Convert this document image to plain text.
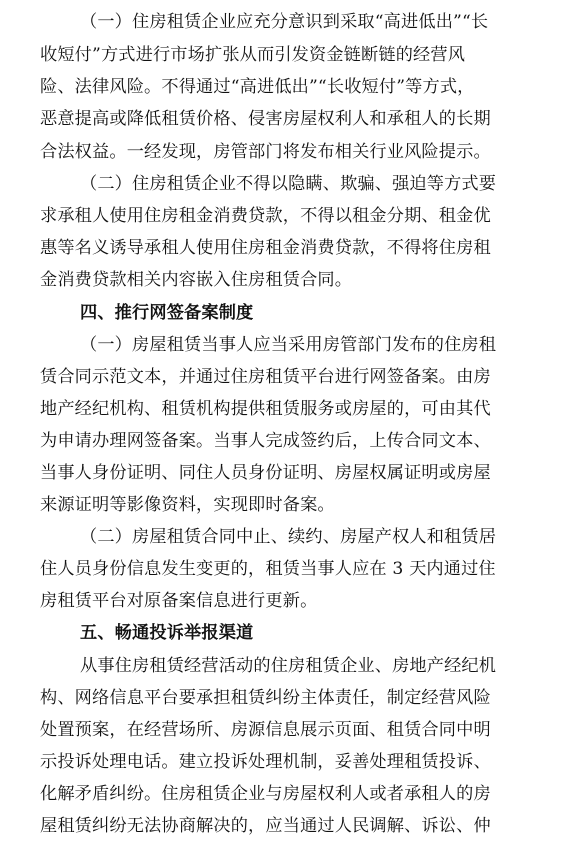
（一）住房租赁企业应充分意识到采取“高进低出”“长
收短付”方式进行市场扩张从而引发资金链断链的经营风
险、法律风险。不得通过“高进低出”“长收短付”等方式，
恶意提高或降低租赁价格、侵害房屋权利人和承租人的长期
合法权益。一经发现，房管部门将发布相关行业风险提示。
（二）住房租赁企业不得以隐瞒、欺骗、强迫等方式要
求承租人使用住房租金消费贷款，不得以租金分期、租金优
惠等名义诱导承租人使用住房租金消费贷款，不得将住房租
金消费贷款相关内容嵌入住房租赁合同。
四、推行网签备案制度
（一）房屋租赁当事人应当采用房管部门发布的住房租
赁合同示范文本，并通过住房租赁平台进行网签备案。由房
地产经纪机构、租赁机构提供租赁服务或房屋的，可由其代
为申请办理网签备案。当事人完成签约后，上传合同文本、
当事人身份证明、同住人员身份证明、房屋权属证明或房屋
来源证明等影像资料，实现即时备案。
（二）房屋租赁合同中止、续约、房屋产权人和租赁居
住人员身份信息发生变更的，租赁当事人应在 3 天内通过住
房租赁平台对原备案信息进行更新。
五、畅通投诉举报渠道
从事住房租赁经营活动的住房租赁企业、房地产经纪机
构、网络信息平台要承担租赁纠纷主体责任，制定经营风险
处置预案，在经营场所、房源信息展示页面、租赁合同中明
示投诉处理电话。建立投诉处理机制，妥善处理租赁投诉、
化解矛盾纠纷。住房租赁企业与房屋权利人或者承租人的房
屋租赁纠纷无法协商解决的，应当通过人民调解、诉讼、仲
